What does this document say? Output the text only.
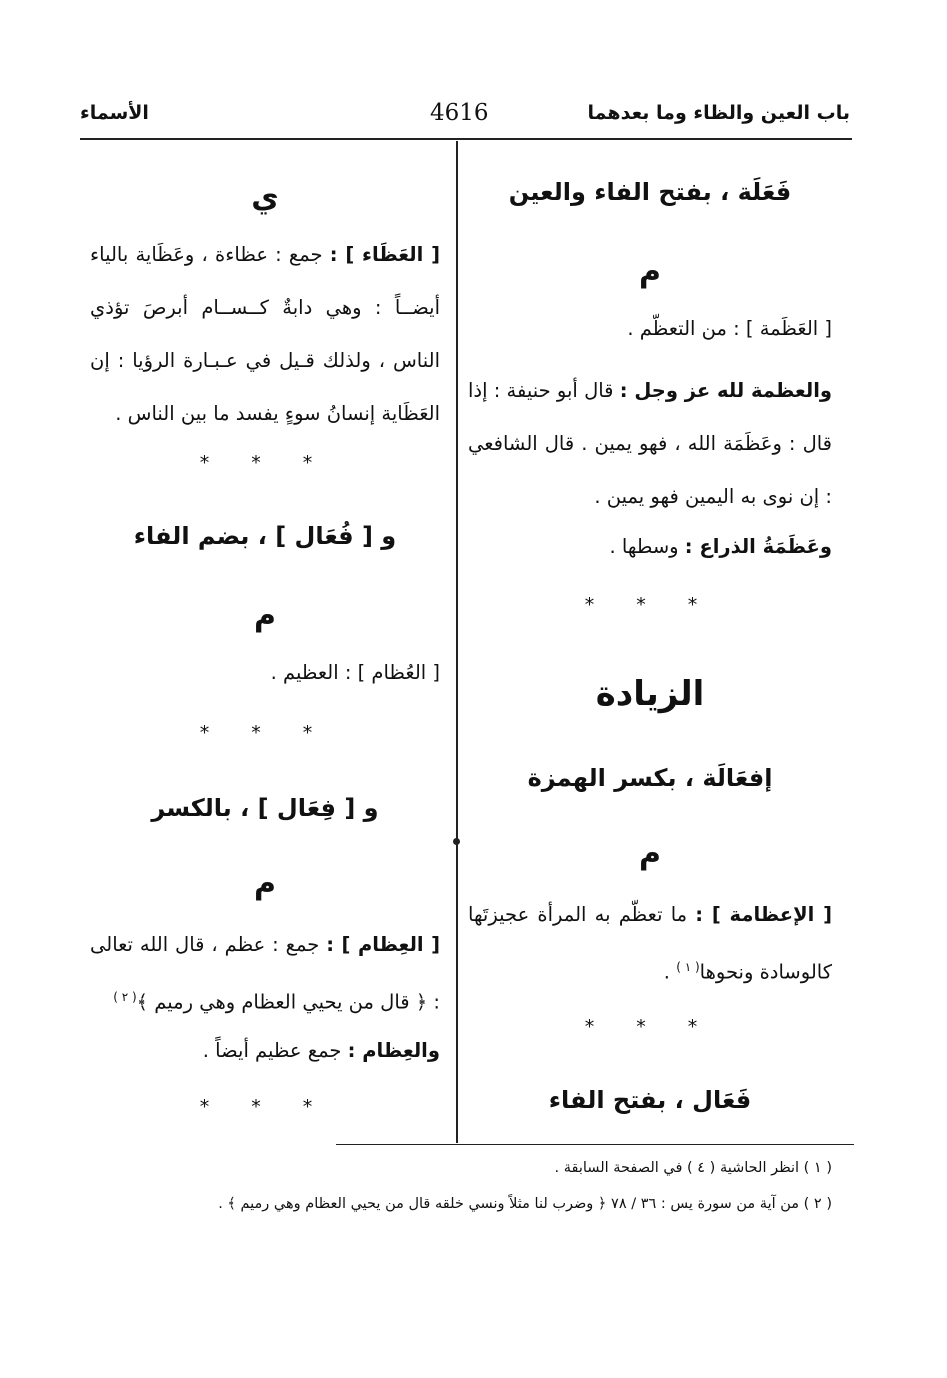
باب العين والظاء وما بعدهما
4616
الأسماء
فَعَلَة ، بفتح الفاء والعين
م
[ العَظَمة ] : من التعظّم .
والعظمة لله عز وجل : قال أبو حنيفة : إذا قال : وعَظَمَة الله ، فهو يمين . قال الشافعي : إن نوى به اليمين فهو يمين .
وعَظَمَةُ الذراع : وسطها .
* * *
الزيادة
إفعَالَة ، بكسر الهمزة
م
[ الإعظامة ] : ما تعظّم به المرأة عجيزتَها كالوسادة ونحوها$^{( ١ )}$ .
* * *
فَعَال ، بفتح الفاء
ي
[ العَظَاء ] : جمع : عظاءة ، وعَظَاية بالياء أيضــاً : وهي دابةٌ كــســام أبرصَ تؤذي الناس ، ولذلك قـيل في عـبـارة الرؤيا : إن العَظَاية إنسانُ سوءٍ يفسد ما بين الناس .
* * *
و [ فُعَال ] ، بضم الفاء
م
[ العُظام ] : العظيم .
* * *
و [ فِعَال ] ، بالكسر
م
[ العِظام ] : جمع : عظم ، قال الله تعالى : ﴿ قال من يحيي العظام وهي رميم ﴾$^{( ٢ )}$
والعِظام : جمع عظيم أيضاً .
* * *
( ١ ) انظر الحاشية ( ٤ ) في الصفحة السابقة .
( ٢ ) من آية من سورة يس : ٣٦ / ٧٨ ﴿ وضرب لنا مثلاً ونسي خلقه قال من يحيي العظام وهي رميم ﴾ .
